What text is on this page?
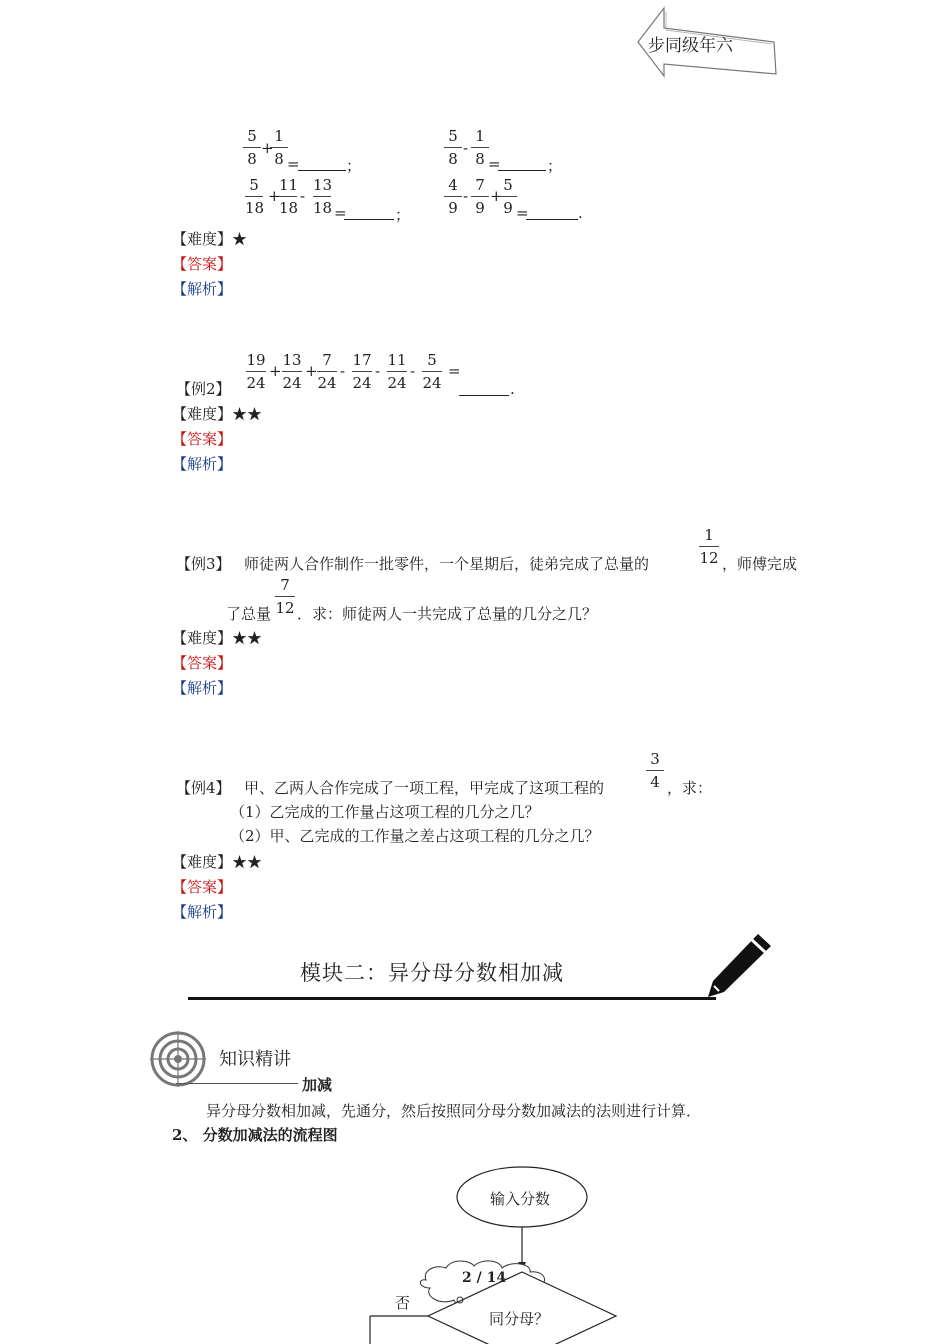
步同级年六
5
8
+
1
8 =	；
5
8
-
1
8 =	；
5
18
+
11
18
-
13
18 =	；
4
9
-
7
9
+
5
9 =	.
【难度】★
【答案】
【解析】
【例2】
19
24
+
13
24
+
7
24
-
17
24
-
11
24
-
5
24
=
.
【难度】★★
【答案】
【解析】
【例3】 师徒两人合作制作一批零件，一个星期后，徒弟完成了总量的
1
12 ，师傅完成
了总量
7
12 ．求：师徒两人一共完成了总量的几分之几？
【难度】★★
【答案】
【解析】
【例4】 甲、乙两人合作完成了一项工程，甲完成了这项工程的
3
4 ，求：
（1）乙完成的工作量占这项工程的几分之几？
（2）甲、乙完成的工作量之差占这项工程的几分之几？
【难度】★★
【答案】
【解析】
模块二：异分母分数相加减
知识精讲
加减
异分母分数相加减，先通分，然后按照同分母分数加减法的法则进行计算．
2、 分数加减法的流程图
输入分数
2 / 14
同分母？
否
